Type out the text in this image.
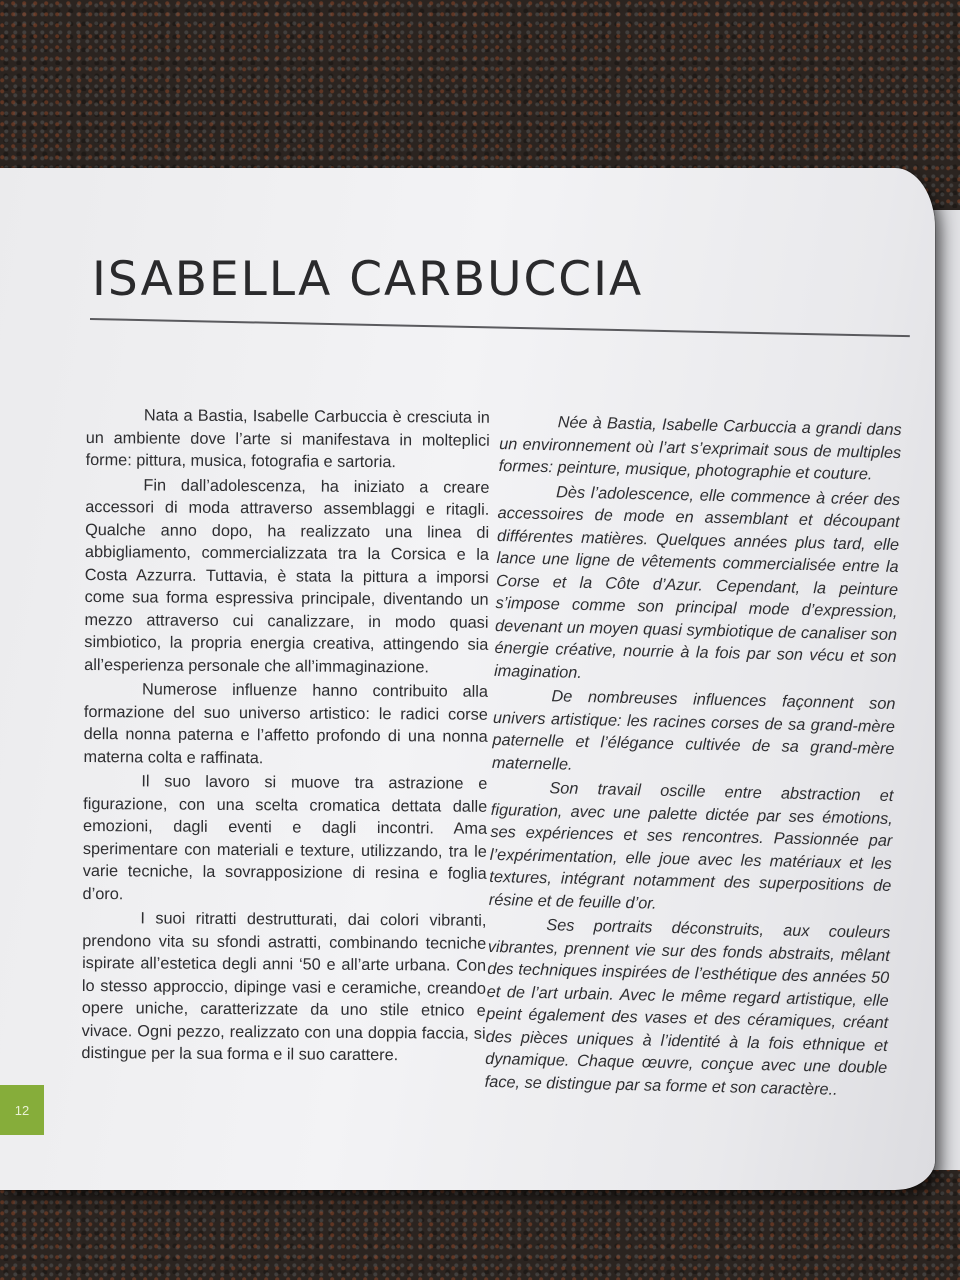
ISABELLA CARBUCCIA

Nata a Bastia, Isabelle Carbuccia è cresciuta in un ambiente dove l’arte si manifestava in molteplici forme: pittura, musica, fotografia e sartoria.

Fin dall’adolescenza, ha iniziato a creare accessori di moda attraverso assemblaggi e ritagli. Qualche anno dopo, ha realizzato una linea di abbigliamento, commercializzata tra la Corsica e la Costa Azzurra. Tuttavia, è stata la pittura a imporsi come sua forma espressiva principale, diventando un mezzo attraverso cui canalizzare, in modo quasi simbiotico, la propria energia creativa, attingendo sia all’esperienza personale che all’immaginazione.

Numerose influenze hanno contribuito alla formazione del suo universo artistico: le radici corse della nonna paterna e l’affetto profondo di una nonna materna colta e raffinata.

Il suo lavoro si muove tra astrazione e figurazione, con una scelta cromatica dettata dalle emozioni, dagli eventi e dagli incontri. Ama sperimentare con materiali e texture, utilizzando, tra le varie tecniche, la sovrapposizione di resina e foglia d’oro.

I suoi ritratti destrutturati, dai colori vibranti, prendono vita su sfondi astratti, combinando tecniche ispirate all’estetica degli anni ‘50 e all’arte urbana. Con lo stesso approccio, dipinge vasi e ceramiche, creando opere uniche, caratterizzate da uno stile etnico e vivace. Ogni pezzo, realizzato con una doppia faccia, si distingue per la sua forma e il suo carattere.

Née à Bastia, Isabelle Carbuccia a grandi dans un environnement où l’art s’exprimait sous de multiples formes: peinture, musique, photographie et couture.

Dès l’adolescence, elle commence à créer des accessoires de mode en assemblant et découpant différentes matières. Quelques années plus tard, elle lance une ligne de vêtements commercialisée entre la Corse et la Côte d’Azur. Cependant, la peinture s’impose comme son principal mode d’expression, devenant un moyen quasi symbiotique de canaliser son énergie créative, nourrie à la fois par son vécu et son imagination.

De nombreuses influences façonnent son univers artistique: les racines corses de sa grand-mère paternelle et l’élégance cultivée de sa grand-mère maternelle.

Son travail oscille entre abstraction et figuration, avec une palette dictée par ses émotions, ses expériences et ses rencontres. Passionnée par l’expérimentation, elle joue avec les matériaux et les textures, intégrant notamment des superpositions de résine et de feuille d’or.

Ses portraits déconstruits, aux couleurs vibrantes, prennent vie sur des fonds abstraits, mêlant des techniques inspirées de l’esthétique des années 50 et de l’art urbain. Avec le même regard artistique, elle peint également des vases et des céramiques, créant des pièces uniques à l’identité à la fois ethnique et dynamique. Chaque œuvre, conçue avec une double face, se distingue par sa forme et son caractère..

12
